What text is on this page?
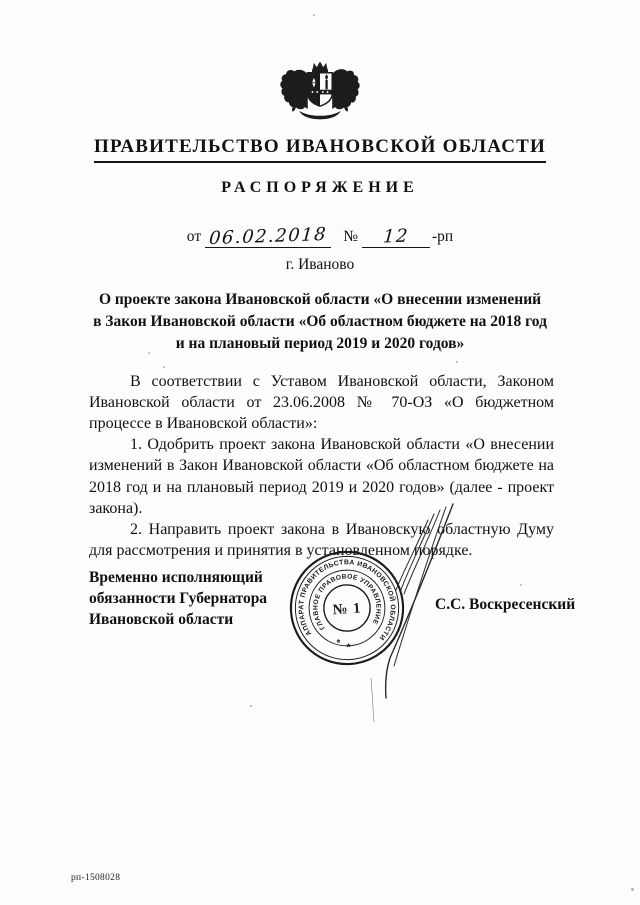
ПРАВИТЕЛЬСТВО ИВАНОВСКОЙ ОБЛАСТИ
РАСПОРЯЖЕНИЕ
от 06.02.2018 №	12	-рп
г. Иваново
О проекте закона Ивановской области «О внесении изменений
в Закон Ивановской области «Об областном бюджете на 2018 год
и на плановый период 2019 и 2020 годов»

В соответствии с Уставом Ивановской области, Законом Ивановской области от 23.06.2008 № 70-ОЗ «О бюджетном процессе в Ивановской области»:

1. Одобрить проект закона Ивановской области «О внесении изменений в Закон Ивановской области «Об областном бюджете на 2018 год и на плановый период 2019 и 2020 годов» (далее - проект закона).

2. Направить проект закона в Ивановскую областную Думу для рассмотрения и принятия в установленном порядке.

Временно исполняющий
обязанности Губернатора
Ивановской области
С.С. Воскресенский
АППАРАТ ПРАВИТЕЛЬСТВА ИВАНОВСКОЙ ОБЛАСТИ
ГЛАВНОЕ ПРАВОВОЕ УПРАВЛЕНИЕ
* *
№ 1
рп-1508028
